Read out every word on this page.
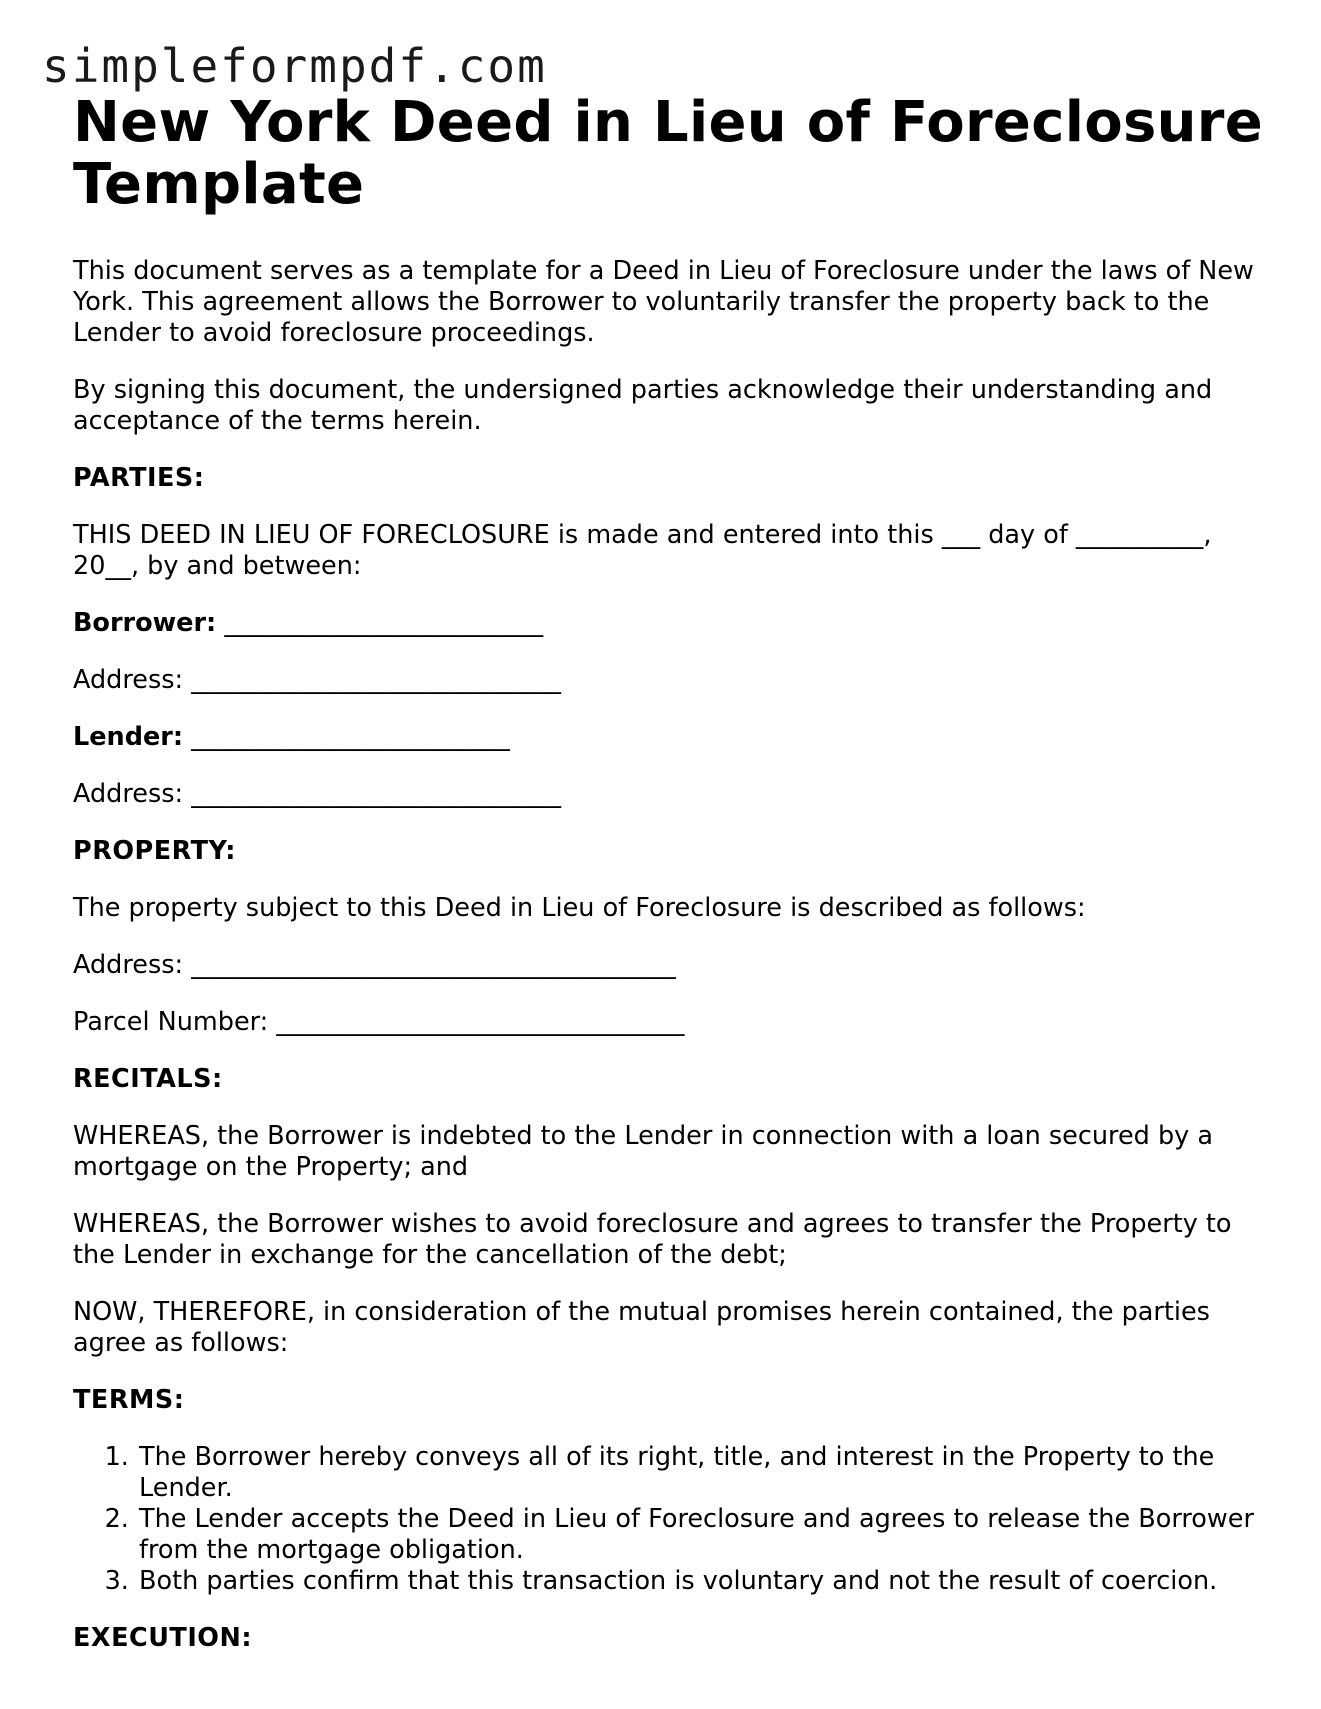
simpleformpdf.com
New York Deed in Lieu of Foreclosure Template

This document serves as a template for a Deed in Lieu of Foreclosure under the laws of New York. This agreement allows the Borrower to voluntarily transfer the property back to the Lender to avoid foreclosure proceedings.

By signing this document, the undersigned parties acknowledge their understanding and acceptance of the terms herein.

PARTIES:

THIS DEED IN LIEU OF FORECLOSURE is made and entered into this ___ day of __________, 20__, by and between:

Borrower: _________________________

Address: _____________________________

Lender: _________________________

Address: _____________________________

PROPERTY:

The property subject to this Deed in Lieu of Foreclosure is described as follows:

Address: ______________________________________

Parcel Number: ________________________________

RECITALS:

WHEREAS, the Borrower is indebted to the Lender in connection with a loan secured by a mortgage on the Property; and

WHEREAS, the Borrower wishes to avoid foreclosure and agrees to transfer the Property to the Lender in exchange for the cancellation of the debt;

NOW, THEREFORE, in consideration of the mutual promises herein contained, the parties agree as follows:

TERMS:

1. The Borrower hereby conveys all of its right, title, and interest in the Property to the Lender.
2. The Lender accepts the Deed in Lieu of Foreclosure and agrees to release the Borrower from the mortgage obligation.
3. Both parties confirm that this transaction is voluntary and not the result of coercion.

EXECUTION:
